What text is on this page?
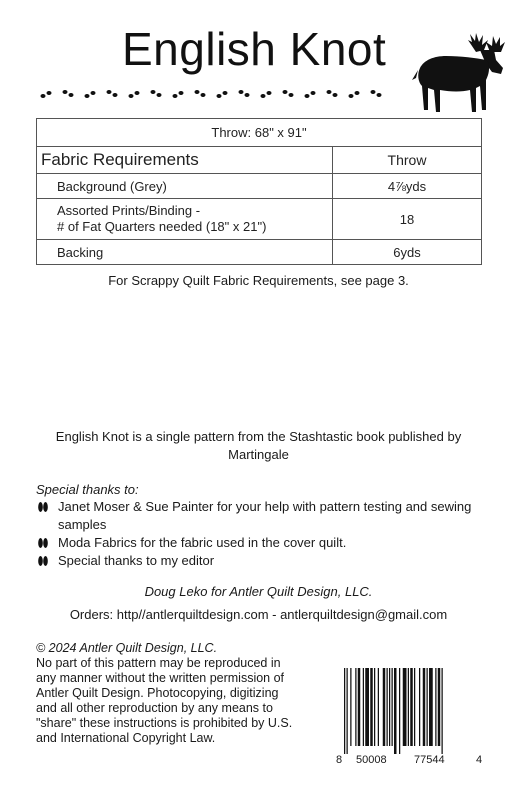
English Knot
Throw: 68" x 91"	
Fabric Requirements	Throw
Background (Grey)	4⅞yds
Assorted Prints/Binding -
# of Fat Quarters needed (18" x 21")	18
Backing	6yds
For Scrappy Quilt Fabric Requirements, see page 3.
English Knot is a single pattern from the Stashtastic book published by Martingale
Special thanks to:
Janet Moser & Sue Painter for your help with pattern testing and sewing samples
Moda Fabrics for the fabric used in the cover quilt.
Special thanks to my editor
Doug Leko for Antler Quilt Design, LLC.
Orders: http//antlerquiltdesign.com - antlerquiltdesign@gmail.com
© 2024 Antler Quilt Design, LLC.
No part of this pattern may be reproduced in any manner without the written permission of Antler Quilt Design. Photocopying, digitizing and all other reproduction by any means to "share" these instructions is prohibited by U.S. and International Copyright Law.
8 50008 77544	4
